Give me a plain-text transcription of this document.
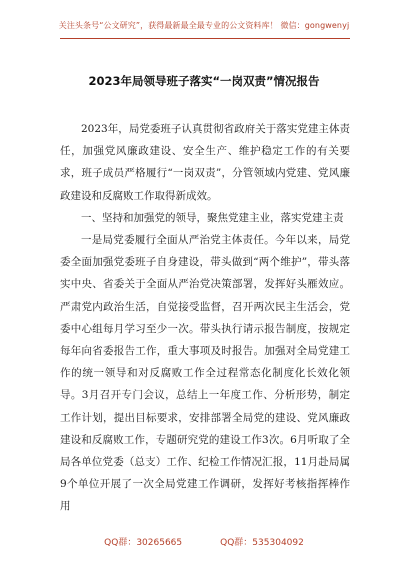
关注头条号“公文研究”，获得最新最全最专业的公文资料库！ 微信：gongwenyj
2023年局领导班子落实“一岗双责”情况报告

2023年，局党委班子认真贯彻省政府关于落实党建主体责任，加强党风廉政建设、安全生产、维护稳定工作的有关要求，班子成员严格履行“一岗双责”，分管领域内党建、党风廉政建设和反腐败工作取得新成效。

一、坚持和加强党的领导，聚焦党建主业，落实党建主责

一是局党委履行全面从严治党主体责任。今年以来，局党委全面加强党委班子自身建设，带头做到“两个维护”，带头落实中央、省委关于全面从严治党决策部署，发挥好头雁效应。严肃党内政治生活，自觉接受监督，召开两次民主生活会，党委中心组每月学习至少一次。带头执行请示报告制度，按规定每年向省委报告工作，重大事项及时报告。加强对全局党建工作的统一领导和对反腐败工作全过程常态化制度化长效化领导。3月召开专门会议，总结上一年度工作、分析形势，制定工作计划，提出目标要求，安排部署全局党的建设、党风廉政建设和反腐败工作，专题研究党的建设工作3次。6月听取了全局各单位党委（总支）工作、纪检工作情况汇报，11月赴局属9个单位开展了一次全局党建工作调研，发挥好考核指挥棒作用

QQ群：30265665	QQ群：535304092
